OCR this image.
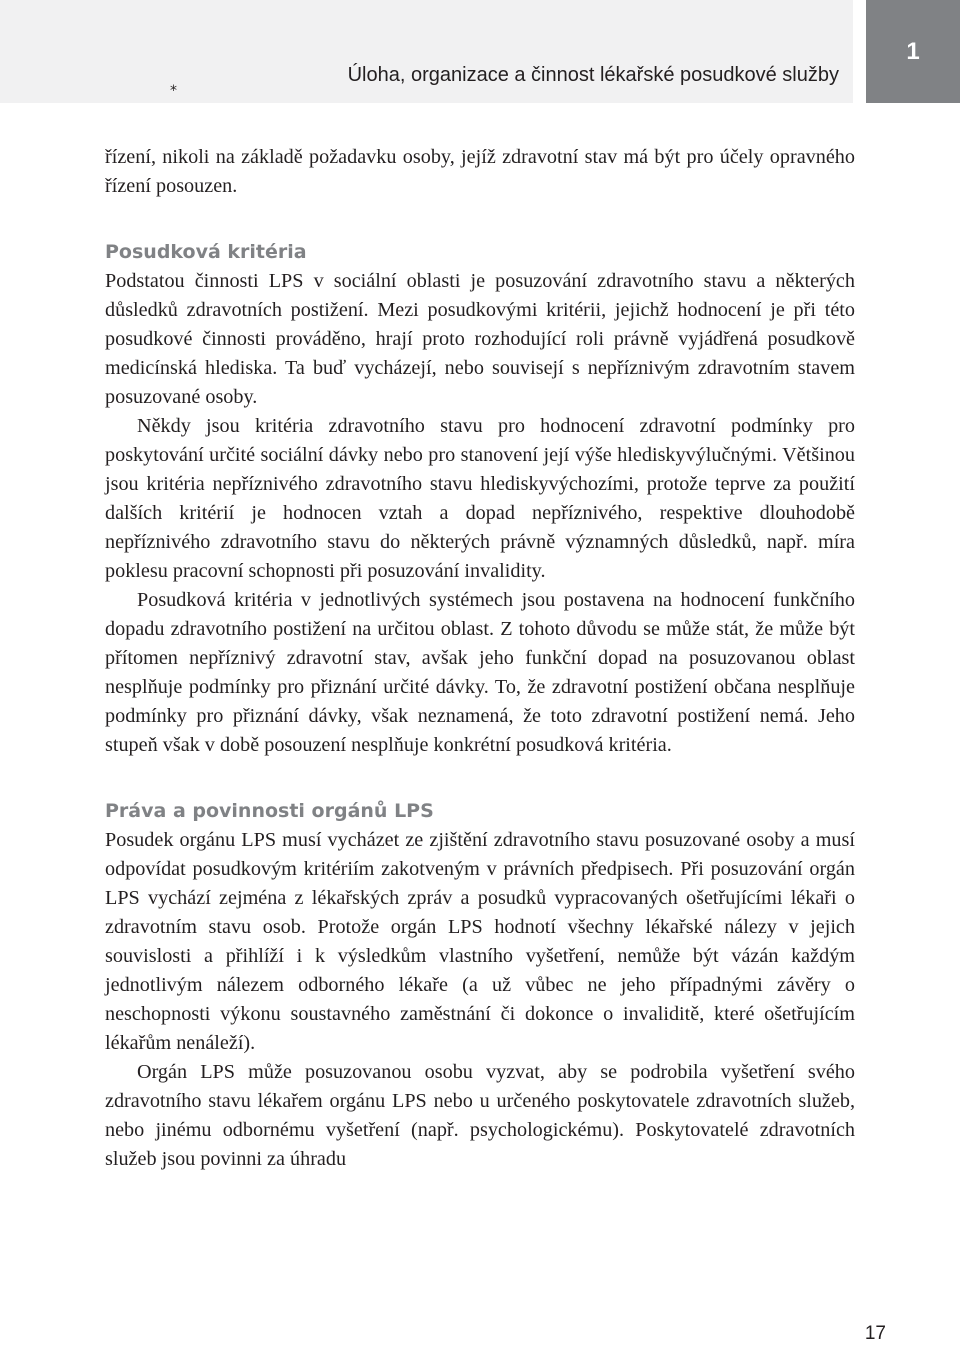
*
Úloha, organizace a činnost lékařské posudkové služby
1

řízení, nikoli na základě požadavku osoby, jejíž zdravotní stav má být pro účely opravného řízení posouzen.

Posudková kritéria

Podstatou činnosti LPS v sociální oblasti je posuzování zdravotního stavu a některých důsledků zdravotních postižení. Mezi posudkovými kritérii, jejichž hodnocení je při této posudkové činnosti prováděno, hrají proto rozhodující roli právně vyjádřená posudkově medicínská hlediska. Ta buď vycházejí, nebo souvisejí s nepříznivým zdravotním stavem posuzované osoby.

Někdy jsou kritéria zdravotního stavu pro hodnocení zdravotní podmínky pro poskytování určité sociální dávky nebo pro stanovení její výše hlediskyvýlučnými. Většinou jsou kritéria nepříznivého zdravotního stavu hlediskyvýchozími, protože teprve za použití dalších kritérií je hodnocen vztah a dopad nepříznivého, respektive dlouhodobě nepříznivého zdravotního stavu do některých právně významných důsledků, např. míra poklesu pracovní schopnosti při posuzování invalidity.

Posudková kritéria v jednotlivých systémech jsou postavena na hodnocení funkčního dopadu zdravotního postižení na určitou oblast. Z tohoto důvodu se může stát, že může být přítomen nepříznivý zdravotní stav, avšak jeho funkční dopad na posuzovanou oblast nesplňuje podmínky pro přiznání určité dávky. To, že zdravotní postižení občana nesplňuje podmínky pro přiznání dávky, však neznamená, že toto zdravotní postižení nemá. Jeho stupeň však v době posouzení nesplňuje konkrétní posudková kritéria.

Práva a povinnosti orgánů LPS

Posudek orgánu LPS musí vycházet ze zjištění zdravotního stavu posuzované osoby a musí odpovídat posudkovým kritériím zakotveným v právních předpisech. Při posuzování orgán LPS vychází zejména z lékařských zpráv a posudků vypracovaných ošetřujícími lékaři o zdravotním stavu osob. Protože orgán LPS hodnotí všechny lékařské nálezy v jejich souvislosti a přihlíží i k výsledkům vlastního vyšetření, nemůže být vázán každým jednotlivým nálezem odborného lékaře (a už vůbec ne jeho případnými závěry o neschopnosti výkonu soustavného zaměstnání či dokonce o invaliditě, které ošetřujícím lékařům nenáleží).

Orgán LPS může posuzovanou osobu vyzvat, aby se podrobila vyšetření svého zdravotního stavu lékařem orgánu LPS nebo u určeného poskytovatele zdravotních služeb, nebo jinému odbornému vyšetření (např. psychologickému). Poskytovatelé zdravotních služeb jsou povinni za úhradu

17
